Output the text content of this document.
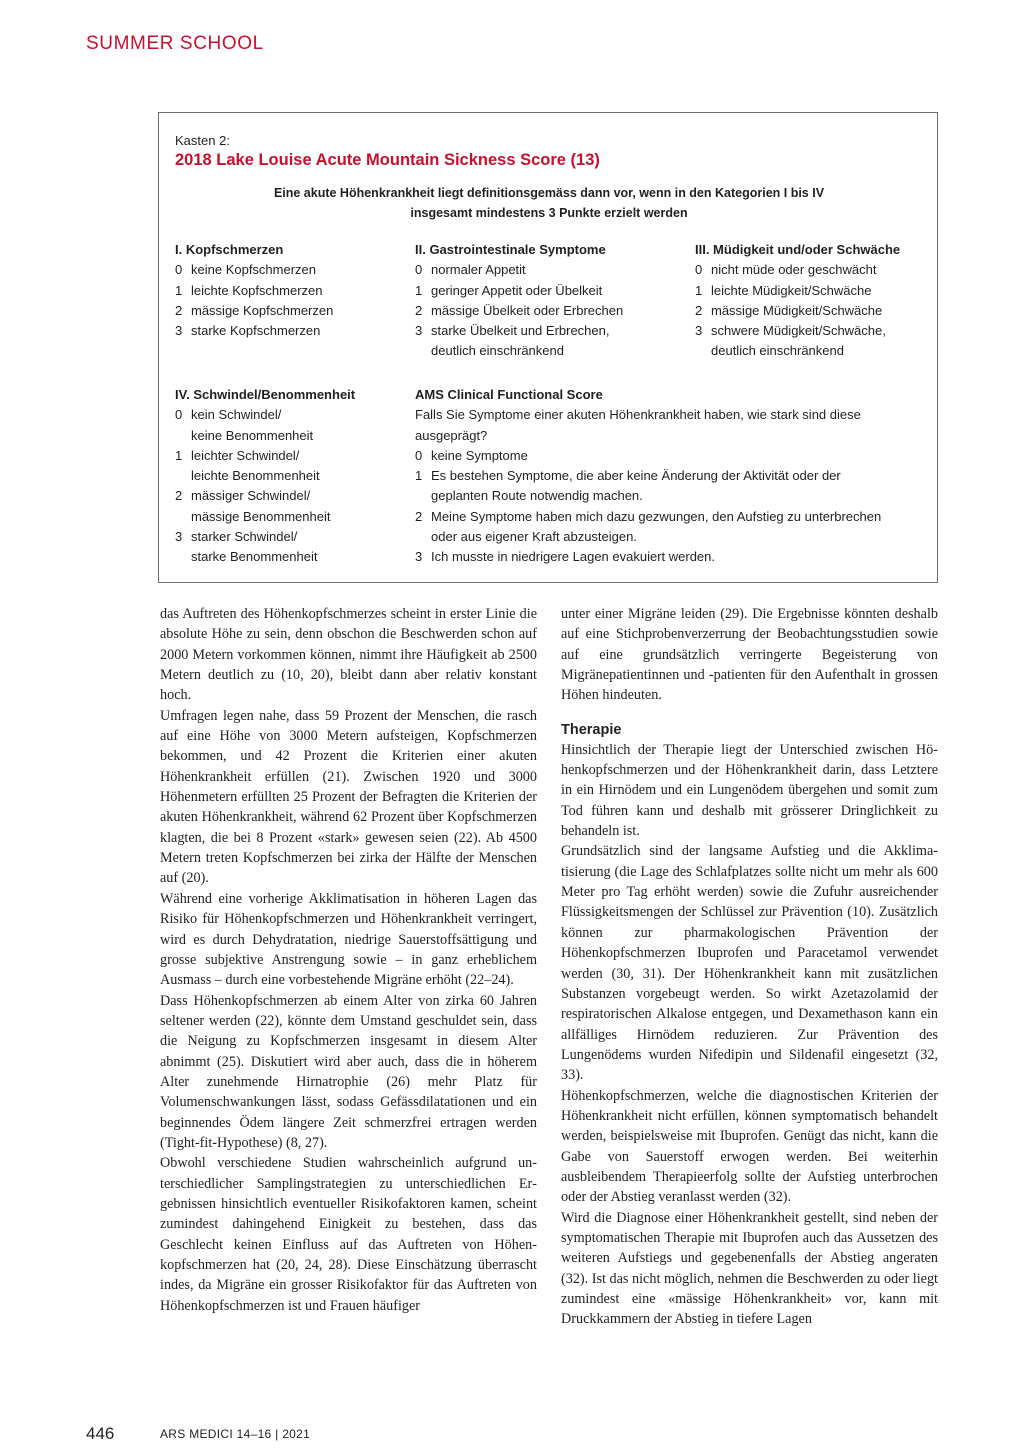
SUMMER SCHOOL
Kasten 2:
2018 Lake Louise Acute Mountain Sickness Score (13)
Eine akute Höhenkrankheit liegt definitionsgemäss dann vor, wenn in den Kategorien I bis IV
insgesamt mindestens 3 Punkte erzielt werden
I. Kopfschmerzen
0 keine Kopfschmerzen
1 leichte Kopfschmerzen
2 mässige Kopfschmerzen
3 starke Kopfschmerzen
II. Gastrointestinale Symptome
0 normaler Appetit
1 geringer Appetit oder Übelkeit
2 mässige Übelkeit oder Erbrechen
3 starke Übelkeit und Erbrechen,
deutlich einschränkend
III. Müdigkeit und/oder Schwäche
0 nicht müde oder geschwächt
1 leichte Müdigkeit/Schwäche
2 mässige Müdigkeit/Schwäche
3 schwere Müdigkeit/Schwäche,
deutlich einschränkend
IV. Schwindel/Benommenheit
0 kein Schwindel/
keine Benommenheit
1 leichter Schwindel/
leichte Benommenheit
2 mässiger Schwindel/
mässige Benommenheit
3 starker Schwindel/
starke Benommenheit
AMS Clinical Functional Score
Falls Sie Symptome einer akuten Höhenkrankheit haben, wie stark sind diese
ausgeprägt?
0 keine Symptome
1 Es bestehen Symptome, die aber keine Änderung der Aktivität oder der
geplanten Route notwendig machen.
2 Meine Symptome haben mich dazu gezwungen, den Aufstieg zu unterbrechen
oder aus eigener Kraft abzusteigen.
3 Ich musste in niedrigere Lagen evakuiert werden.

das Auftreten des Höhenkopfschmerzes scheint in erster Linie die absolute Höhe zu sein, denn obschon die Beschwerden schon auf 2000 Metern vorkommen können, nimmt ihre Häufigkeit ab 2500 Metern deutlich zu (10, 20), bleibt dann aber relativ konstant hoch.

Umfragen legen nahe, dass 59 Prozent der Menschen, die rasch auf eine Höhe von 3000 Metern aufsteigen, Kopfschmerzen bekommen, und 42 Prozent die Kriterien einer akuten Höhenkrankheit erfüllen (21). Zwischen 1920 und 3000 Höhenmetern erfüllten 25 Prozent der Befragten die Kriterien der akuten Höhenkrankheit, während 62 Prozent über Kopfschmerzen klagten, die bei 8 Prozent «stark» gewesen seien (22). Ab 4500 Metern treten Kopfschmerzen bei zirka der Hälfte der Menschen auf (20).

Während eine vorherige Akklimatisation in höheren Lagen das Risiko für Höhenkopfschmerzen und Höhenkrankheit verringert, wird es durch Dehydratation, niedrige Sauerstoffsättigung und grosse subjektive Anstrengung sowie – in ganz erheblichem Ausmass – durch eine vorbestehende Migräne erhöht (22–24).

Dass Höhenkopfschmerzen ab einem Alter von zirka 60 Jahren seltener werden (22), könnte dem Umstand geschuldet sein, dass die Neigung zu Kopfschmerzen insgesamt in diesem Alter abnimmt (25). Diskutiert wird aber auch, dass die in höherem Alter zunehmende Hirnatrophie (26) mehr Platz für Volumenschwankungen lässt, sodass Gefässdilatationen und ein beginnendes Ödem längere Zeit schmerzfrei ertragen werden (Tight-fit-Hypothese) (8, 27).

Obwohl verschiedene Studien wahrscheinlich aufgrund unterschiedlicher Samplingstrategien zu unterschiedlichen Ergebnissen hinsichtlich eventueller Risikofaktoren kamen, scheint zumindest dahingehend Einigkeit zu bestehen, dass das Geschlecht keinen Einfluss auf das Auftreten von Höhenkopfschmerzen hat (20, 24, 28). Diese Einschätzung überrascht indes, da Migräne ein grosser Risikofaktor für das Auftreten von Höhenkopfschmerzen ist und Frauen häufiger

unter einer Migräne leiden (29). Die Ergebnisse könnten deshalb auf eine Stichprobenverzerrung der Beobachtungsstudien sowie auf eine grundsätzlich verringerte Begeisterung von Migränepatientinnen und -patienten für den Aufenthalt in grossen Höhen hindeuten.

Therapie

Hinsichtlich der Therapie liegt der Unterschied zwischen Höhenkopfschmerzen und der Höhenkrankheit darin, dass Letztere in ein Hirnödem und ein Lungenödem übergehen und somit zum Tod führen kann und deshalb mit grösserer Dringlichkeit zu behandeln ist.

Grundsätzlich sind der langsame Aufstieg und die Akklimatisierung (die Lage des Schlafplatzes sollte nicht um mehr als 600 Meter pro Tag erhöht werden) sowie die Zufuhr ausreichender Flüssigkeitsmengen der Schlüssel zur Prävention (10). Zusätzlich können zur pharmakologischen Prävention der Höhenkopfschmerzen Ibuprofen und Paracetamol verwendet werden (30, 31). Der Höhenkrankheit kann mit zusätzlichen Substanzen vorgebeugt werden. So wirkt Azetazolamid der respiratorischen Alkalose entgegen, und Dexamethason kann ein allfälliges Hirnödem reduzieren. Zur Prävention des Lungenödems wurden Nifedipin und Sildenafil eingesetzt (32, 33).

Höhenkopfschmerzen, welche die diagnostischen Kriterien der Höhenkrankheit nicht erfüllen, können symptomatisch behandelt werden, beispielsweise mit Ibuprofen. Genügt das nicht, kann die Gabe von Sauerstoff erwogen werden. Bei weiterhin ausbleibendem Therapieerfolg sollte der Aufstieg unterbrochen oder der Abstieg veranlasst werden (32).

Wird die Diagnose einer Höhenkrankheit gestellt, sind neben der symptomatischen Therapie mit Ibuprofen auch das Aussetzen des weiteren Aufstiegs und gegebenenfalls der Abstieg angeraten (32). Ist das nicht möglich, nehmen die Beschwerden zu oder liegt zumindest eine «mässige Höhenkrankheit» vor, kann mit Druckkammern der Abstieg in tiefere Lagen

446	ARS MEDICI 14–16 | 2021
